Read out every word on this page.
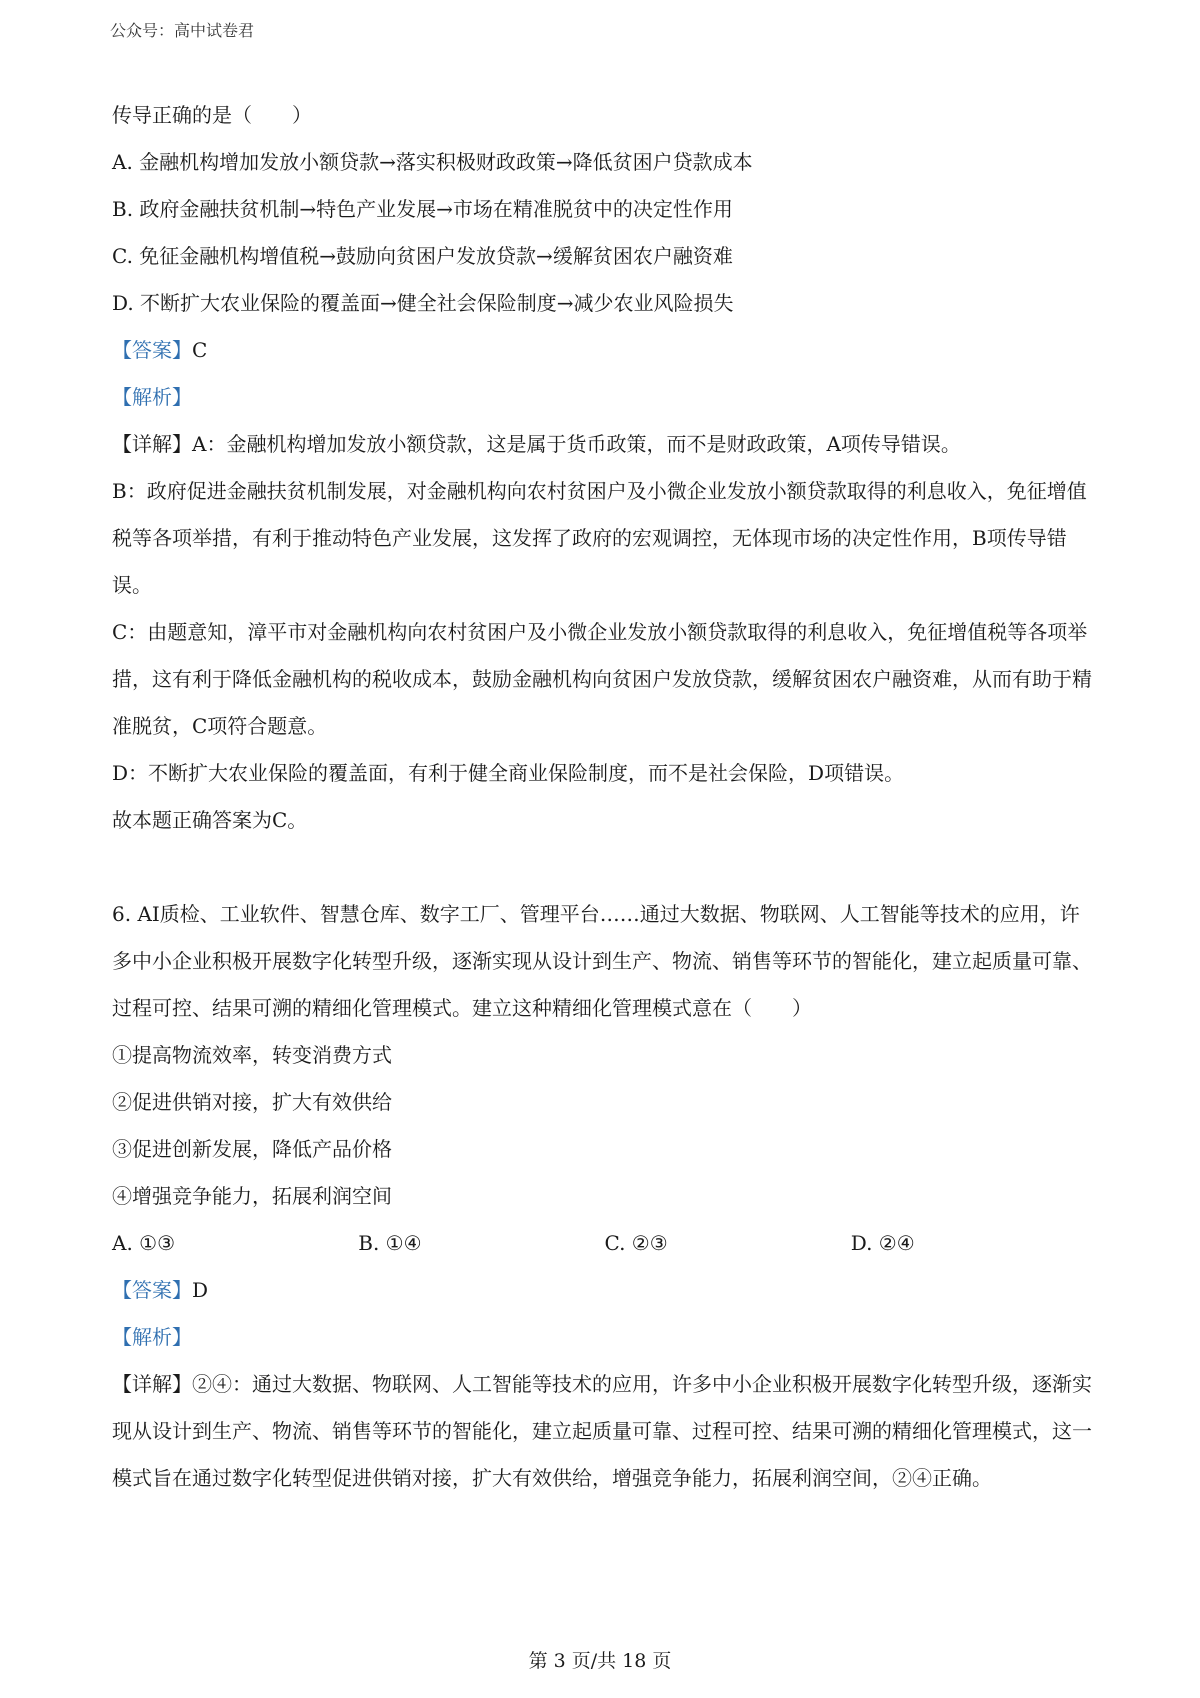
公众号：高中试卷君

传导正确的是（　　）

A. 金融机构增加发放小额贷款→落实积极财政政策→降低贫困户贷款成本

B. 政府金融扶贫机制→特色产业发展→市场在精准脱贫中的决定性作用

C. 免征金融机构增值税→鼓励向贫困户发放贷款→缓解贫困农户融资难

D. 不断扩大农业保险的覆盖面→健全社会保险制度→减少农业风险损失

【答案】C

【解析】

【详解】A：金融机构增加发放小额贷款，这是属于货币政策，而不是财政政策，A项传导错误。

B：政府促进金融扶贫机制发展，对金融机构向农村贫困户及小微企业发放小额贷款取得的利息收入，免征增值税等各项举措，有利于推动特色产业发展，这发挥了政府的宏观调控，无体现市场的决定性作用，B项传导错误。

C：由题意知，漳平市对金融机构向农村贫困户及小微企业发放小额贷款取得的利息收入，免征增值税等各项举措，这有利于降低金融机构的税收成本，鼓励金融机构向贫困户发放贷款，缓解贫困农户融资难，从而有助于精准脱贫，C项符合题意。

D：不断扩大农业保险的覆盖面，有利于健全商业保险制度，而不是社会保险，D项错误。

故本题正确答案为C。

6. AI质检、工业软件、智慧仓库、数字工厂、管理平台……通过大数据、物联网、人工智能等技术的应用，许多中小企业积极开展数字化转型升级，逐渐实现从设计到生产、物流、销售等环节的智能化，建立起质量可靠、过程可控、结果可溯的精细化管理模式。建立这种精细化管理模式意在（　　）

①提高物流效率，转变消费方式

②促进供销对接，扩大有效供给

③促进创新发展，降低产品价格

④增强竞争能力，拓展利润空间

A. ①③	B. ①④	C. ②③	D. ②④

【答案】D

【解析】

【详解】②④：通过大数据、物联网、人工智能等技术的应用，许多中小企业积极开展数字化转型升级，逐渐实现从设计到生产、物流、销售等环节的智能化，建立起质量可靠、过程可控、结果可溯的精细化管理模式，这一模式旨在通过数字化转型促进供销对接，扩大有效供给，增强竞争能力，拓展利润空间，②④正确。

第 3 页/共 18 页
